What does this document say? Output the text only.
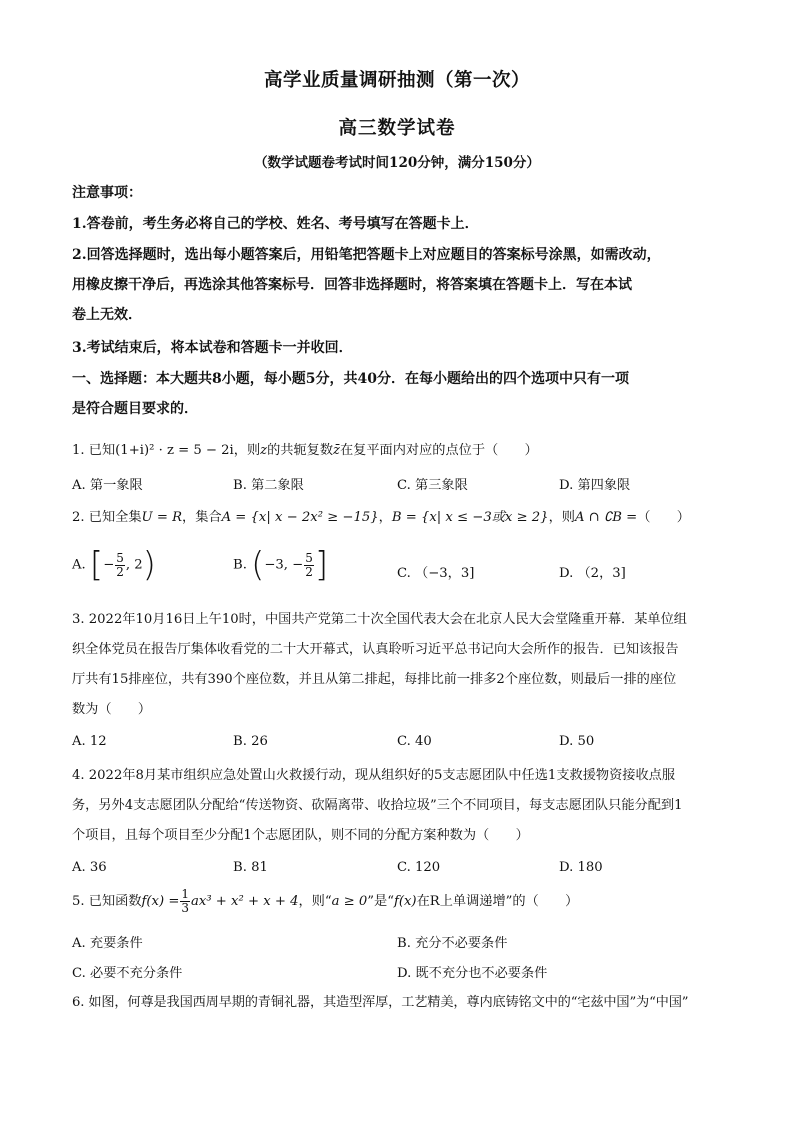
高学业质量调研抽测（第一次）
高三数学试卷
（数学试题卷考试时间120分钟，满分150分）
注意事项：
1.答卷前，考生务必将自己的学校、姓名、考号填写在答题卡上．
2.回答选择题时，选出每小题答案后，用铅笔把答题卡上对应题目的答案标号涂黑，如需改动，
用橡皮擦干净后，再选涂其他答案标号．回答非选择题时，将答案填在答题卡上．写在本试
卷上无效．
3.考试结束后，将本试卷和答题卡一并收回．
一、选择题：本大题共8小题，每小题5分，共40分．在每小题给出的四个选项中只有一项
是符合题目要求的．
1. 已知(1+i)² · z = 5 − 2i，则z的共轭复数z̄在复平面内对应的点位于（　　）
A. 第一象限	B. 第二象限	C. 第三象限	D. 第四象限
2. 已知全集U = R，集合A = {x| x − 2x² ≥ −15}，B = {x| x ≤ −3或x ≥ 2}，则A ∩ ∁B =（　　）
A. [− $\frac{5}{2}$ , 2)	B. (−3, − $\frac{5}{2}$ ]	C. （−3，3]	D. （2，3]
3. 2022年10月16日上午10时，中国共产党第二十次全国代表大会在北京人民大会堂隆重开幕．某单位组
织全体党员在报告厅集体收看党的二十大开幕式，认真聆听习近平总书记向大会所作的报告．已知该报告
厅共有15排座位，共有390个座位数，并且从第二排起，每排比前一排多2个座位数，则最后一排的座位
数为（　　）
A. 12	B. 26	C. 40	D. 50
4. 2022年8月某市组织应急处置山火救援行动，现从组织好的5支志愿团队中任选1支救援物资接收点服
务，另外4支志愿团队分配给“传送物资、砍隔离带、收拾垃圾”三个不同项目，每支志愿团队只能分配到1
个项目，且每个项目至少分配1个志愿团队，则不同的分配方案种数为（　　）
A. 36	B. 81	C. 120	D. 180
5. 已知函数$f(x) = \frac{1}{3} ax^3 + x^2 + x + 4$，则“a ≥ 0”是“f(x)在R上单调递增”的（　　）
A. 充要条件	B. 充分不必要条件
C. 必要不充分条件	D. 既不充分也不必要条件
6. 如图，何尊是我国西周早期的青铜礼器，其造型浑厚，工艺精美，尊内底铸铭文中的“宅兹中国”为“中国”
